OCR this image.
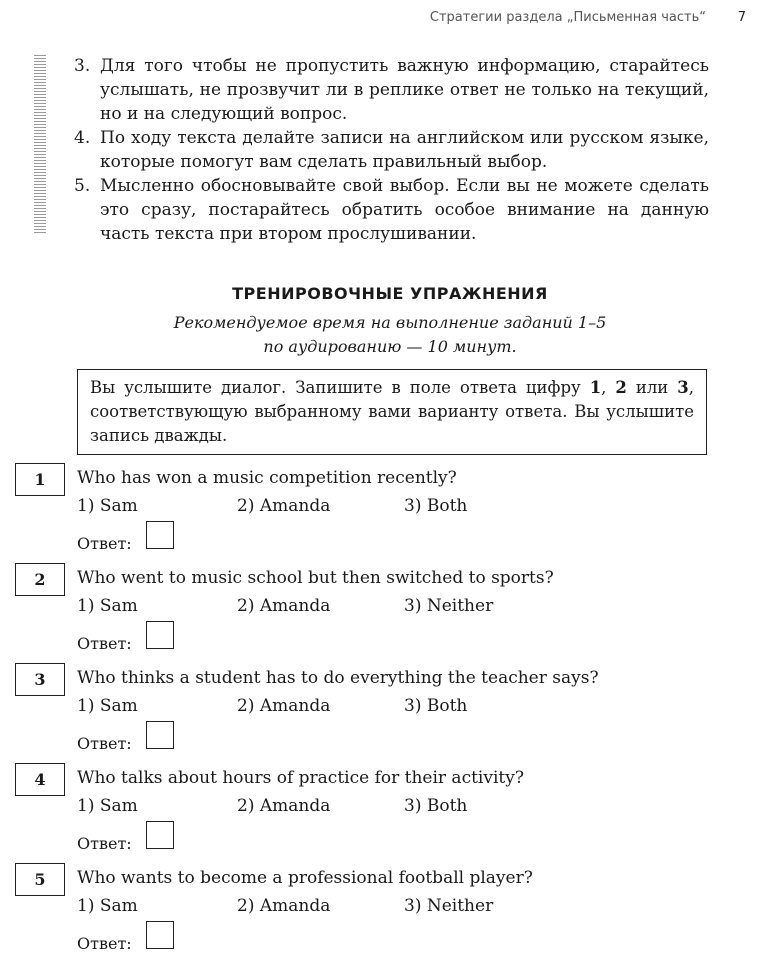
Стратегии раздела „Письменная часть“ 7
3. Для того чтобы не пропустить важную информацию, старайтесь услышать, не прозвучит ли в реплике ответ не только на текущий, но и на следующий вопрос.
4. По ходу текста делайте записи на английском или русском языке, которые помогут вам сделать правильный выбор.
5. Мысленно обосновывайте свой выбор. Если вы не можете сделать это сразу, постарайтесь обратить особое внимание на данную часть текста при втором прослушивании.
ТРЕНИРОВОЧНЫЕ УПРАЖНЕНИЯ
Рекомендуемое время на выполнение заданий 1–5
по аудированию — 10 минут.
Вы услышите диалог. Запишите в поле ответа цифру 1, 2 или 3, соответствующую выбранному вами варианту ответа. Вы услышите запись дважды.
1	Who has won a music competition recently?
1) Sam	2) Amanda	3) Both
Ответ:
2	Who went to music school but then switched to sports?
1) Sam	2) Amanda	3) Neither
Ответ:
3	Who thinks a student has to do everything the teacher says?
1) Sam	2) Amanda	3) Both
Ответ:
4	Who talks about hours of practice for their activity?
1) Sam	2) Amanda	3) Both
Ответ:
5	Who wants to become a professional football player?
1) Sam	2) Amanda	3) Neither
Ответ:
